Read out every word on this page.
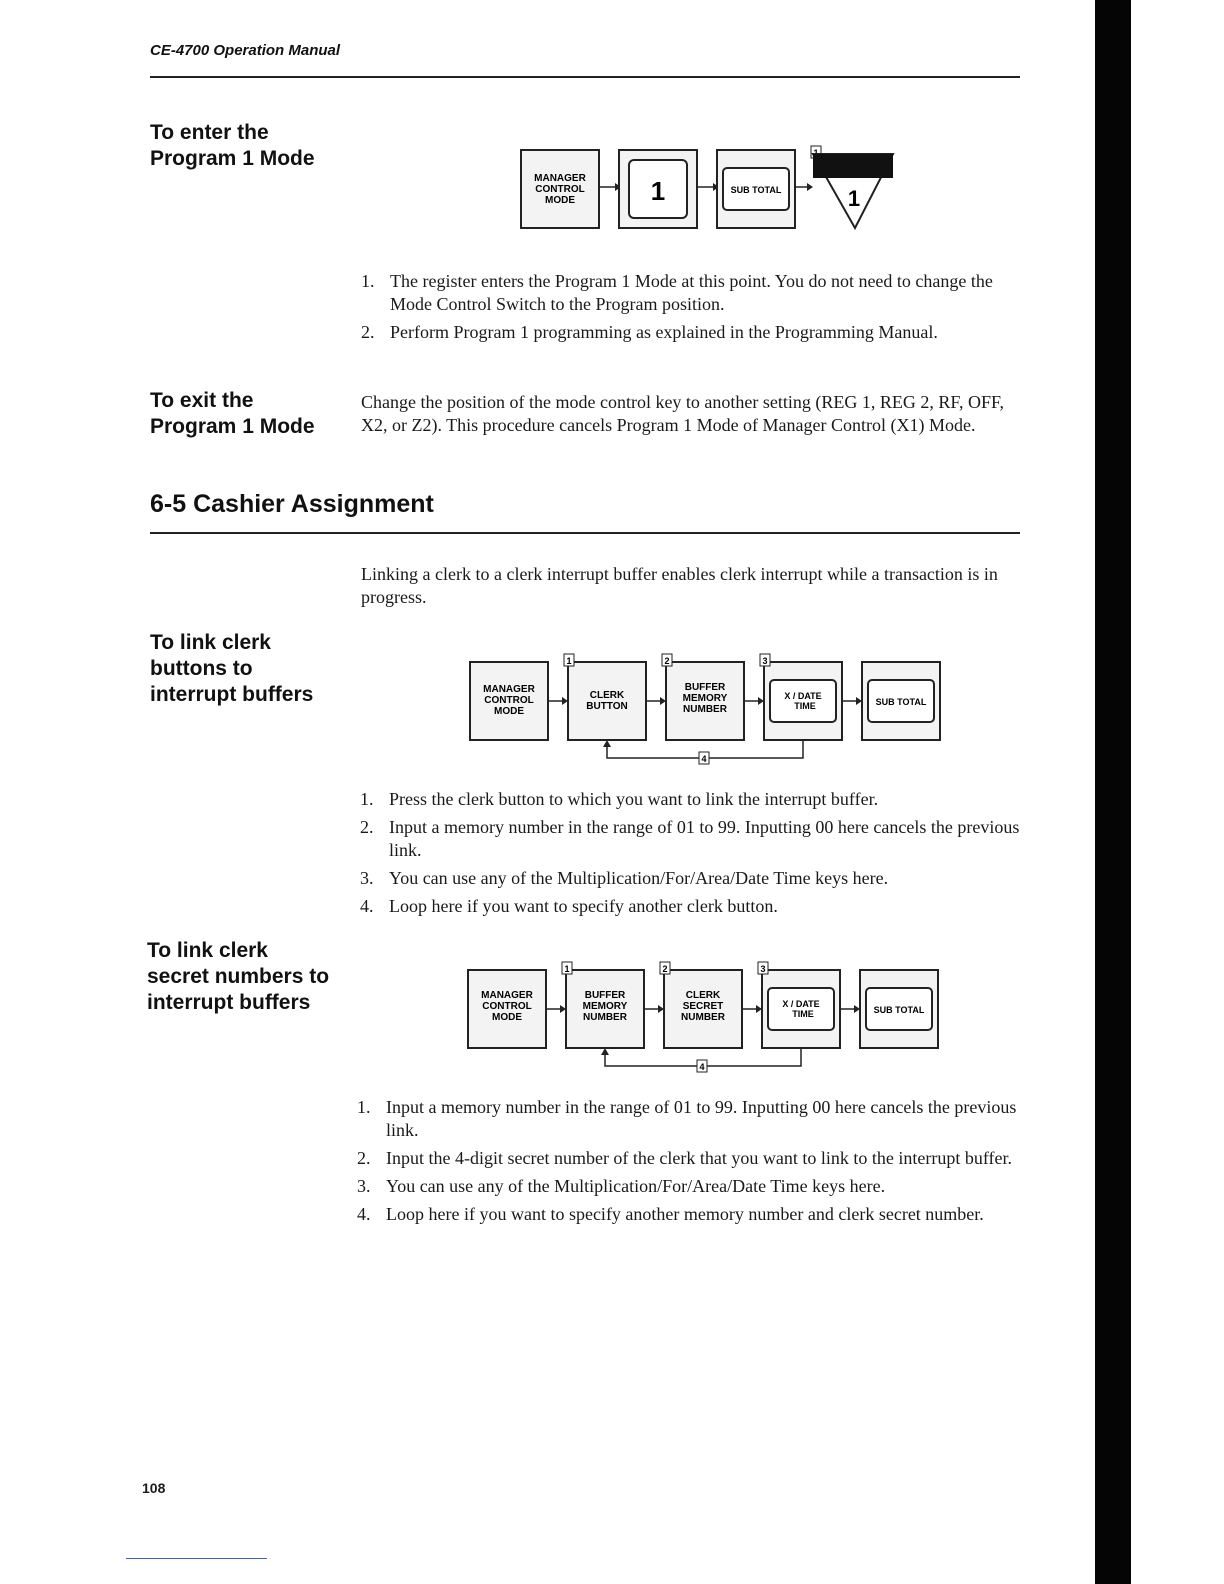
CE-4700 Operation Manual
To enter the
Program 1 Mode
MANAGER
CONTROL
MODE	1	SUB TOTAL	1
1. The register enters the Program 1 Mode at this point. You do not need to change the Mode Control Switch to the Program position.
2. Perform Program 1 programming as explained in the Programming Manual.
To exit the
Program 1 Mode

Change the position of the mode control key to another setting (REG 1, REG 2, RF, OFF, X2, or Z2). This procedure cancels Program 1 Mode of Manager Control (X1) Mode.

6-5 Cashier Assignment

Linking a clerk to a clerk interrupt buffer enables clerk interrupt while a transaction is in progress.

To link clerk
buttons to
interrupt buffers	MANAGER
CONTROL
MODE
CLERK
BUTTON
BUFFER
MEMORY
NUMBER
X / DATE
TIME	SUB TOTAL
1	2	3
4
1. Press the clerk button to which you want to link the interrupt buffer.
2. Input a memory number in the range of 01 to 99. Inputting 00 here cancels the previous link.
3. You can use any of the Multiplication/For/Area/Date Time keys here.
4. Loop here if you want to specify another clerk button.
To link clerk
secret numbers to
interrupt buffers	MANAGER
CONTROL
MODE
BUFFER
MEMORY
NUMBER
CLERK
SECRET
NUMBER
X / DATE
TIME	SUB TOTAL
1	2	3
4
1. Input a memory number in the range of 01 to 99. Inputting 00 here cancels the previous link.
2. Input the 4-digit secret number of the clerk that you want to link to the interrupt buffer.
3. You can use any of the Multiplication/For/Area/Date Time keys here.
4. Loop here if you want to specify another memory number and clerk secret number.
108
